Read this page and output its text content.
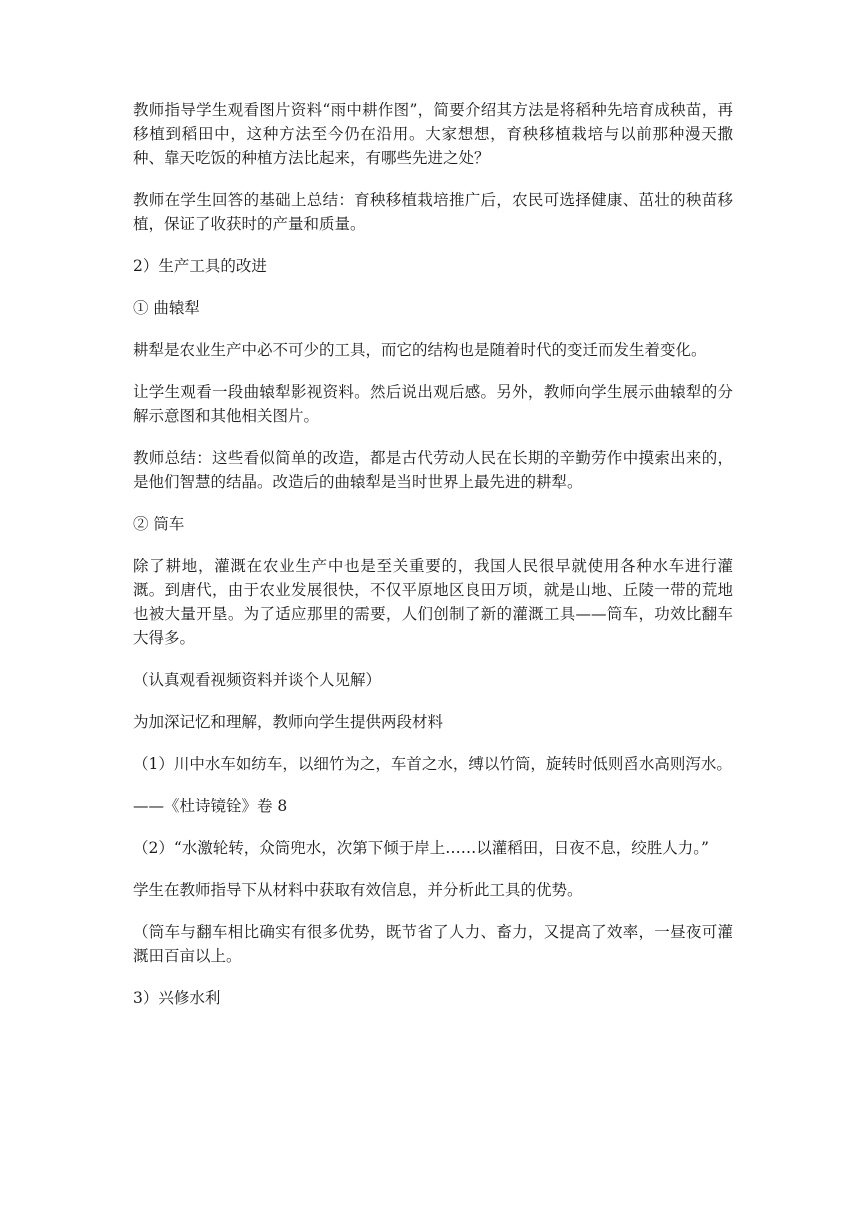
教师指导学生观看图片资料“雨中耕作图”，简要介绍其方法是将稻种先培育成秧苗，再移植到稻田中，这种方法至今仍在沿用。大家想想，育秧移植栽培与以前那种漫天撒种、靠天吃饭的种植方法比起来，有哪些先进之处？

教师在学生回答的基础上总结：育秧移植栽培推广后，农民可选择健康、茁壮的秧苗移植，保证了收获时的产量和质量。

2）生产工具的改进

① 曲辕犁

耕犁是农业生产中必不可少的工具，而它的结构也是随着时代的变迁而发生着变化。

让学生观看一段曲辕犁影视资料。然后说出观后感。另外，教师向学生展示曲辕犁的分解示意图和其他相关图片。

教师总结：这些看似简单的改造，都是古代劳动人民在长期的辛勤劳作中摸索出来的，是他们智慧的结晶。改造后的曲辕犁是当时世界上最先进的耕犁。

② 筒车

除了耕地，灌溉在农业生产中也是至关重要的，我国人民很早就使用各种水车进行灌溉。到唐代，由于农业发展很快，不仅平原地区良田万顷，就是山地、丘陵一带的荒地也被大量开垦。为了适应那里的需要，人们创制了新的灌溉工具——筒车，功效比翻车大得多。

（认真观看视频资料并谈个人见解）

为加深记忆和理解，教师向学生提供两段材料

（1）川中水车如纺车，以细竹为之，车首之水，缚以竹筒，旋转时低则舀水高则泻水。

——《杜诗镜铨》卷 8

（2）“水激轮转，众筒兜水，次第下倾于岸上……以灌稻田，日夜不息，绞胜人力。”

学生在教师指导下从材料中获取有效信息，并分析此工具的优势。

（筒车与翻车相比确实有很多优势，既节省了人力、畜力，又提高了效率，一昼夜可灌溉田百亩以上。

3）兴修水利
